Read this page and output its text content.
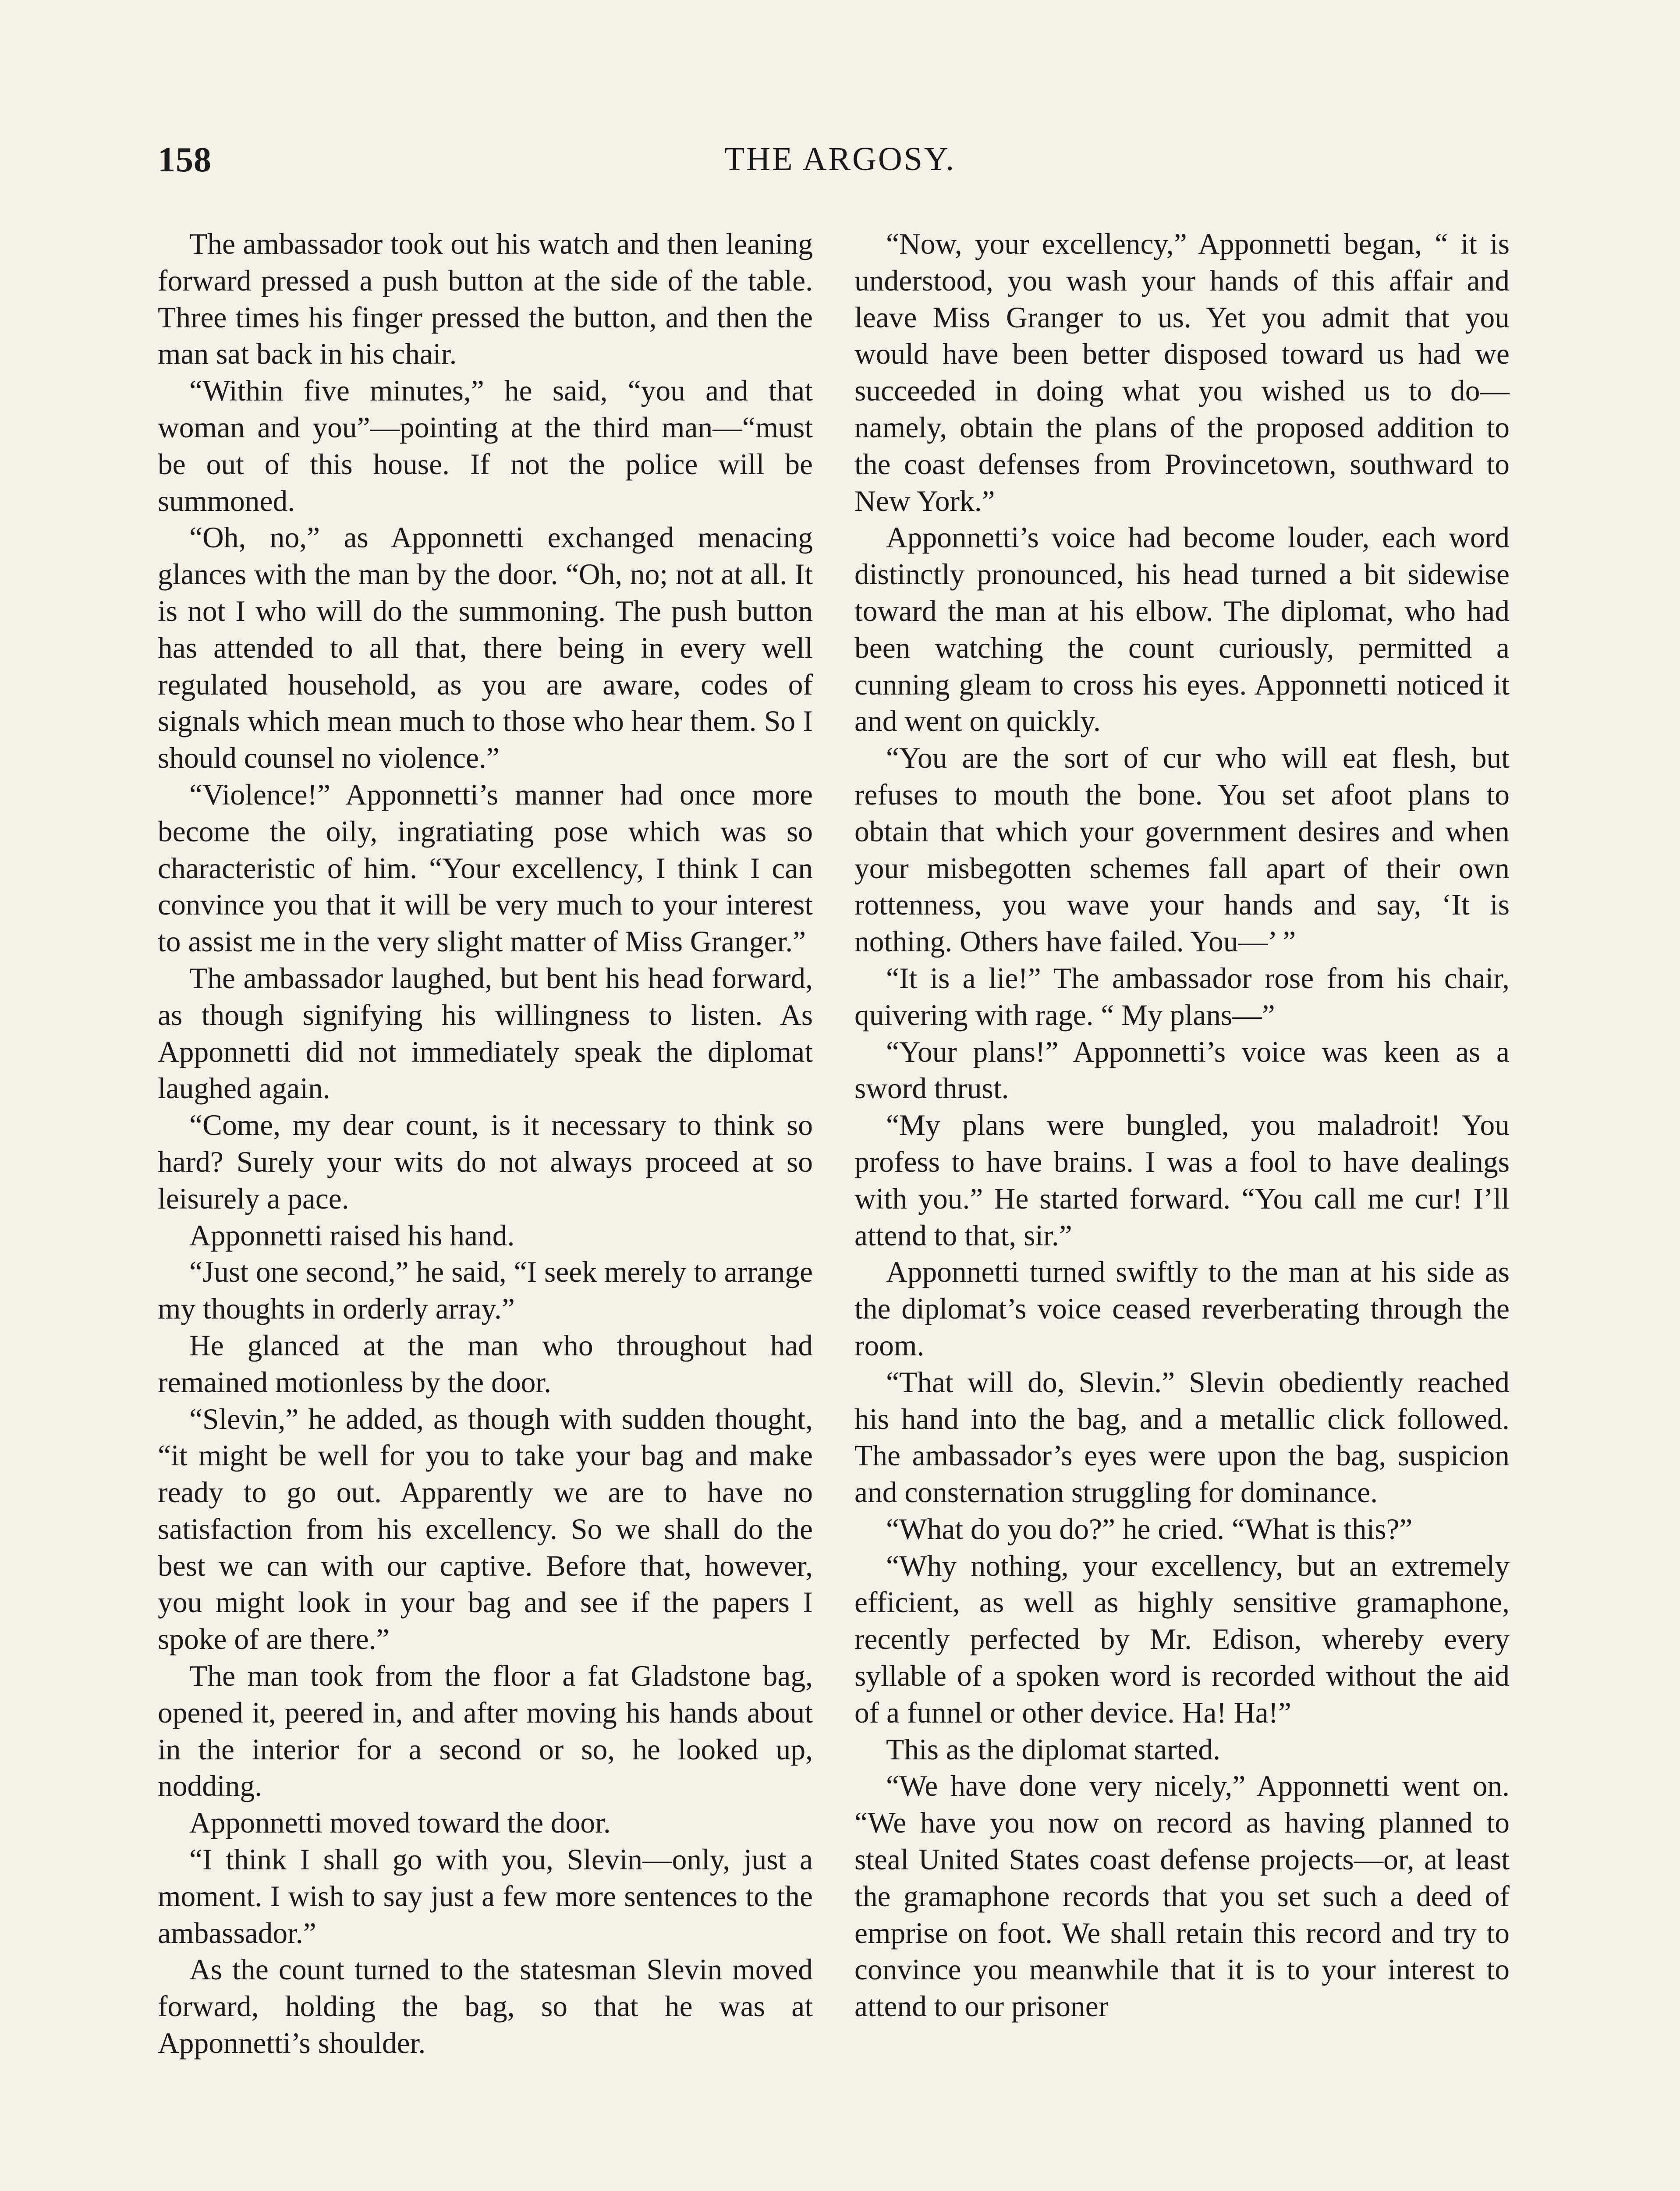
158	THE ARGOSY.

The ambassador took out his watch and then leaning forward pressed a push button at the side of the table. Three times his finger pressed the button, and then the man sat back in his chair.

“Within five minutes,” he said, “you and that woman and you”—pointing at the third man—“must be out of this house. If not the police will be summoned.

“Oh, no,” as Apponnetti exchanged menacing glances with the man by the door. “Oh, no; not at all. It is not I who will do the summoning. The push button has attended to all that, there being in every well regulated household, as you are aware, codes of signals which mean much to those who hear them. So I should counsel no violence.”

“Violence!” Apponnetti’s manner had once more become the oily, ingratiating pose which was so characteristic of him. “Your excellency, I think I can convince you that it will be very much to your interest to assist me in the very slight matter of Miss Granger.”

The ambassador laughed, but bent his head forward, as though signifying his willingness to listen. As Apponnetti did not immediately speak the diplomat laughed again.

“Come, my dear count, is it necessary to think so hard? Surely your wits do not always proceed at so leisurely a pace.

Apponnetti raised his hand.

“Just one second,” he said, “I seek merely to arrange my thoughts in orderly array.”

He glanced at the man who throughout had remained motionless by the door.

“Slevin,” he added, as though with sudden thought, “it might be well for you to take your bag and make ready to go out. Apparently we are to have no satisfaction from his excellency. So we shall do the best we can with our captive. Before that, however, you might look in your bag and see if the papers I spoke of are there.”

The man took from the floor a fat Gladstone bag, opened it, peered in, and after moving his hands about in the interior for a second or so, he looked up, nodding.

Apponnetti moved toward the door.

“I think I shall go with you, Slevin—only, just a moment. I wish to say just a few more sentences to the ambassador.”

As the count turned to the statesman Slevin moved forward, holding the bag, so that he was at Apponnetti’s shoulder.

“Now, your excellency,” Apponnetti began, “ it is understood, you wash your hands of this affair and leave Miss Granger to us. Yet you admit that you would have been better disposed toward us had we succeeded in doing what you wished us to do—namely, obtain the plans of the proposed addition to the coast defenses from Provincetown, southward to New York.”

Apponnetti’s voice had become louder, each word distinctly pronounced, his head turned a bit sidewise toward the man at his elbow. The diplomat, who had been watching the count curiously, permitted a cunning gleam to cross his eyes. Apponnetti noticed it and went on quickly.

“You are the sort of cur who will eat flesh, but refuses to mouth the bone. You set afoot plans to obtain that which your government desires and when your misbegotten schemes fall apart of their own rottenness, you wave your hands and say, ‘It is nothing. Others have failed. You—’ ”

“It is a lie!” The ambassador rose from his chair, quivering with rage. “ My plans—”

“Your plans!” Apponnetti’s voice was keen as a sword thrust.

“My plans were bungled, you maladroit! You profess to have brains. I was a fool to have dealings with you.” He started forward. “You call me cur! I’ll attend to that, sir.”

Apponnetti turned swiftly to the man at his side as the diplomat’s voice ceased reverberating through the room.

“That will do, Slevin.” Slevin obediently reached his hand into the bag, and a metallic click followed. The ambassador’s eyes were upon the bag, suspicion and consternation struggling for dominance.

“What do you do?” he cried. “What is this?”

“Why nothing, your excellency, but an extremely efficient, as well as highly sensitive gramaphone, recently perfected by Mr. Edison, whereby every syllable of a spoken word is recorded without the aid of a funnel or other device. Ha! Ha!”

This as the diplomat started.

“We have done very nicely,” Apponnetti went on. “We have you now on record as having planned to steal United States coast defense projects—or, at least the gramaphone records that you set such a deed of emprise on foot. We shall retain this record and try to convince you meanwhile that it is to your interest to attend to our prisoner
